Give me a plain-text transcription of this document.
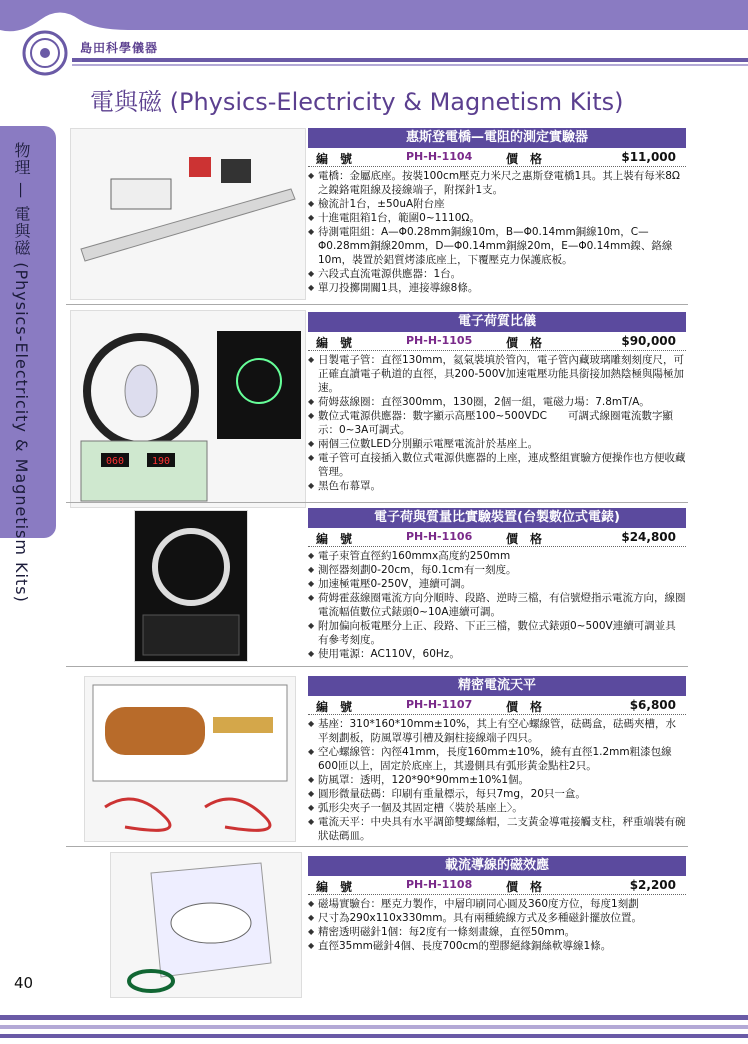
島田科學儀器
電與磁 (Physics-Electricity & Magnetism Kits)
物理 — 電與磁 (Physics-Electricity & Magnetism Kits)
惠斯登電橋—電阻的測定實驗器
編　號	PH-H-1104	價　格	$11,000
◆ 電橋：金屬底座。按裝100cm壓克力米尺之惠斯登電橋1具。其上裝有每米8Ω之鎳鉻電阻線及接線端子，附探針1支。
◆ 檢流計1台，±50uA附台座
◆ 十進電阻箱1台，範圍0~1110Ω。
◆ 待測電阻組：A—Φ0.28mm銅線10m，B—Φ0.14mm銅線10m，C—Φ0.28mm銅線20mm，D—Φ0.14mm銅線20m，E—Φ0.14mm鎳、鉻線10m，裝置於鋁質烤漆底座上，下覆壓克力保護底板。
◆ 六段式直流電源供應器：1台。
◆ 單刀投擲開關1具，連接導線8條。
060	190
電子荷質比儀
編　號	PH-H-1105	價　格	$90,000
◆ 日製電子管：直徑130mm，氦氣裝填於管內，電子管內藏玻璃雕刻刻度尺，可正確直讀電子軌道的直徑，具200-500V加速電壓功能具銜接加熱陰極與陽極加速。
◆ 荷姆茲線圈：直徑300mm，130圈，2個一組，電磁力場：7.8mT/A。
◆ 數位式電源供應器：數字顯示高壓100~500VDC　　可調式線圈電流數字顯示：0~3A可調式。
◆ 兩個三位數LED分別顯示電壓電流計於基座上。
◆ 電子管可直接插入數位式電源供應器的上座，連成整組實驗方便操作也方便收藏管理。
◆ 黑色布幕罩。
電子荷與質量比實驗裝置(台製數位式電錶)
編　號	PH-H-1106	價　格	$24,800
◆ 電子束管直徑約160mmx高度約250mm
◆ 測徑器刻劃0-20cm，每0.1cm有一刻度。
◆ 加速極電壓0-250V，連續可調。
◆ 荷姆霍茲線圈電流方向分順時、段路、逆時三檔，有信號燈指示電流方向，線圈電流幅值數位式錶頭0~10A連續可調。
◆ 附加偏向板電壓分上正、段路、下正三檔，數位式錶頭0~500V連續可調並具有參考刻度。
◆ 使用電源：AC110V，60Hz。
精密電流天平
編　號	PH-H-1107	價　格	$6,800
◆ 基座：310*160*10mm±10%，其上有空心螺線管，砝碼盒，砝碼夾槽，水平刻劃板，防風罩導引槽及銅柱接線端子四只。
◆ 空心螺線管：內徑41mm，長度160mm±10%，繞有直徑1.2mm粗漆包線600匝以上，固定於底座上，其邊側具有弧形黃金點柱2只。
◆ 防風罩：透明，120*90*90mm±10%1個。
◆ 圓形微量砝碼：印刷有重量標示，每只7mg，20只一盒。
◆ 弧形尖夾子一個及其固定槽〈裝於基座上〉。
◆ 電流天平：中央具有水平調節雙螺絲帽，二支黃金導電接觸支柱，秤重端裝有碗狀砝碼皿。
載流導線的磁效應
編　號	PH-H-1108	價　格	$2,200
◆ 磁場實驗台：壓克力製作，中層印刷同心圓及360度方位，每度1刻劃
◆ 尺寸為290x110x330mm。具有兩種繞線方式及多種磁針擺放位置。
◆ 精密透明磁針1個：每2度有一條刻畫線，直徑50mm。
◆ 直徑35mm磁針4個、長度700cm的塑膠絕緣銅絲軟導線1條。
40
